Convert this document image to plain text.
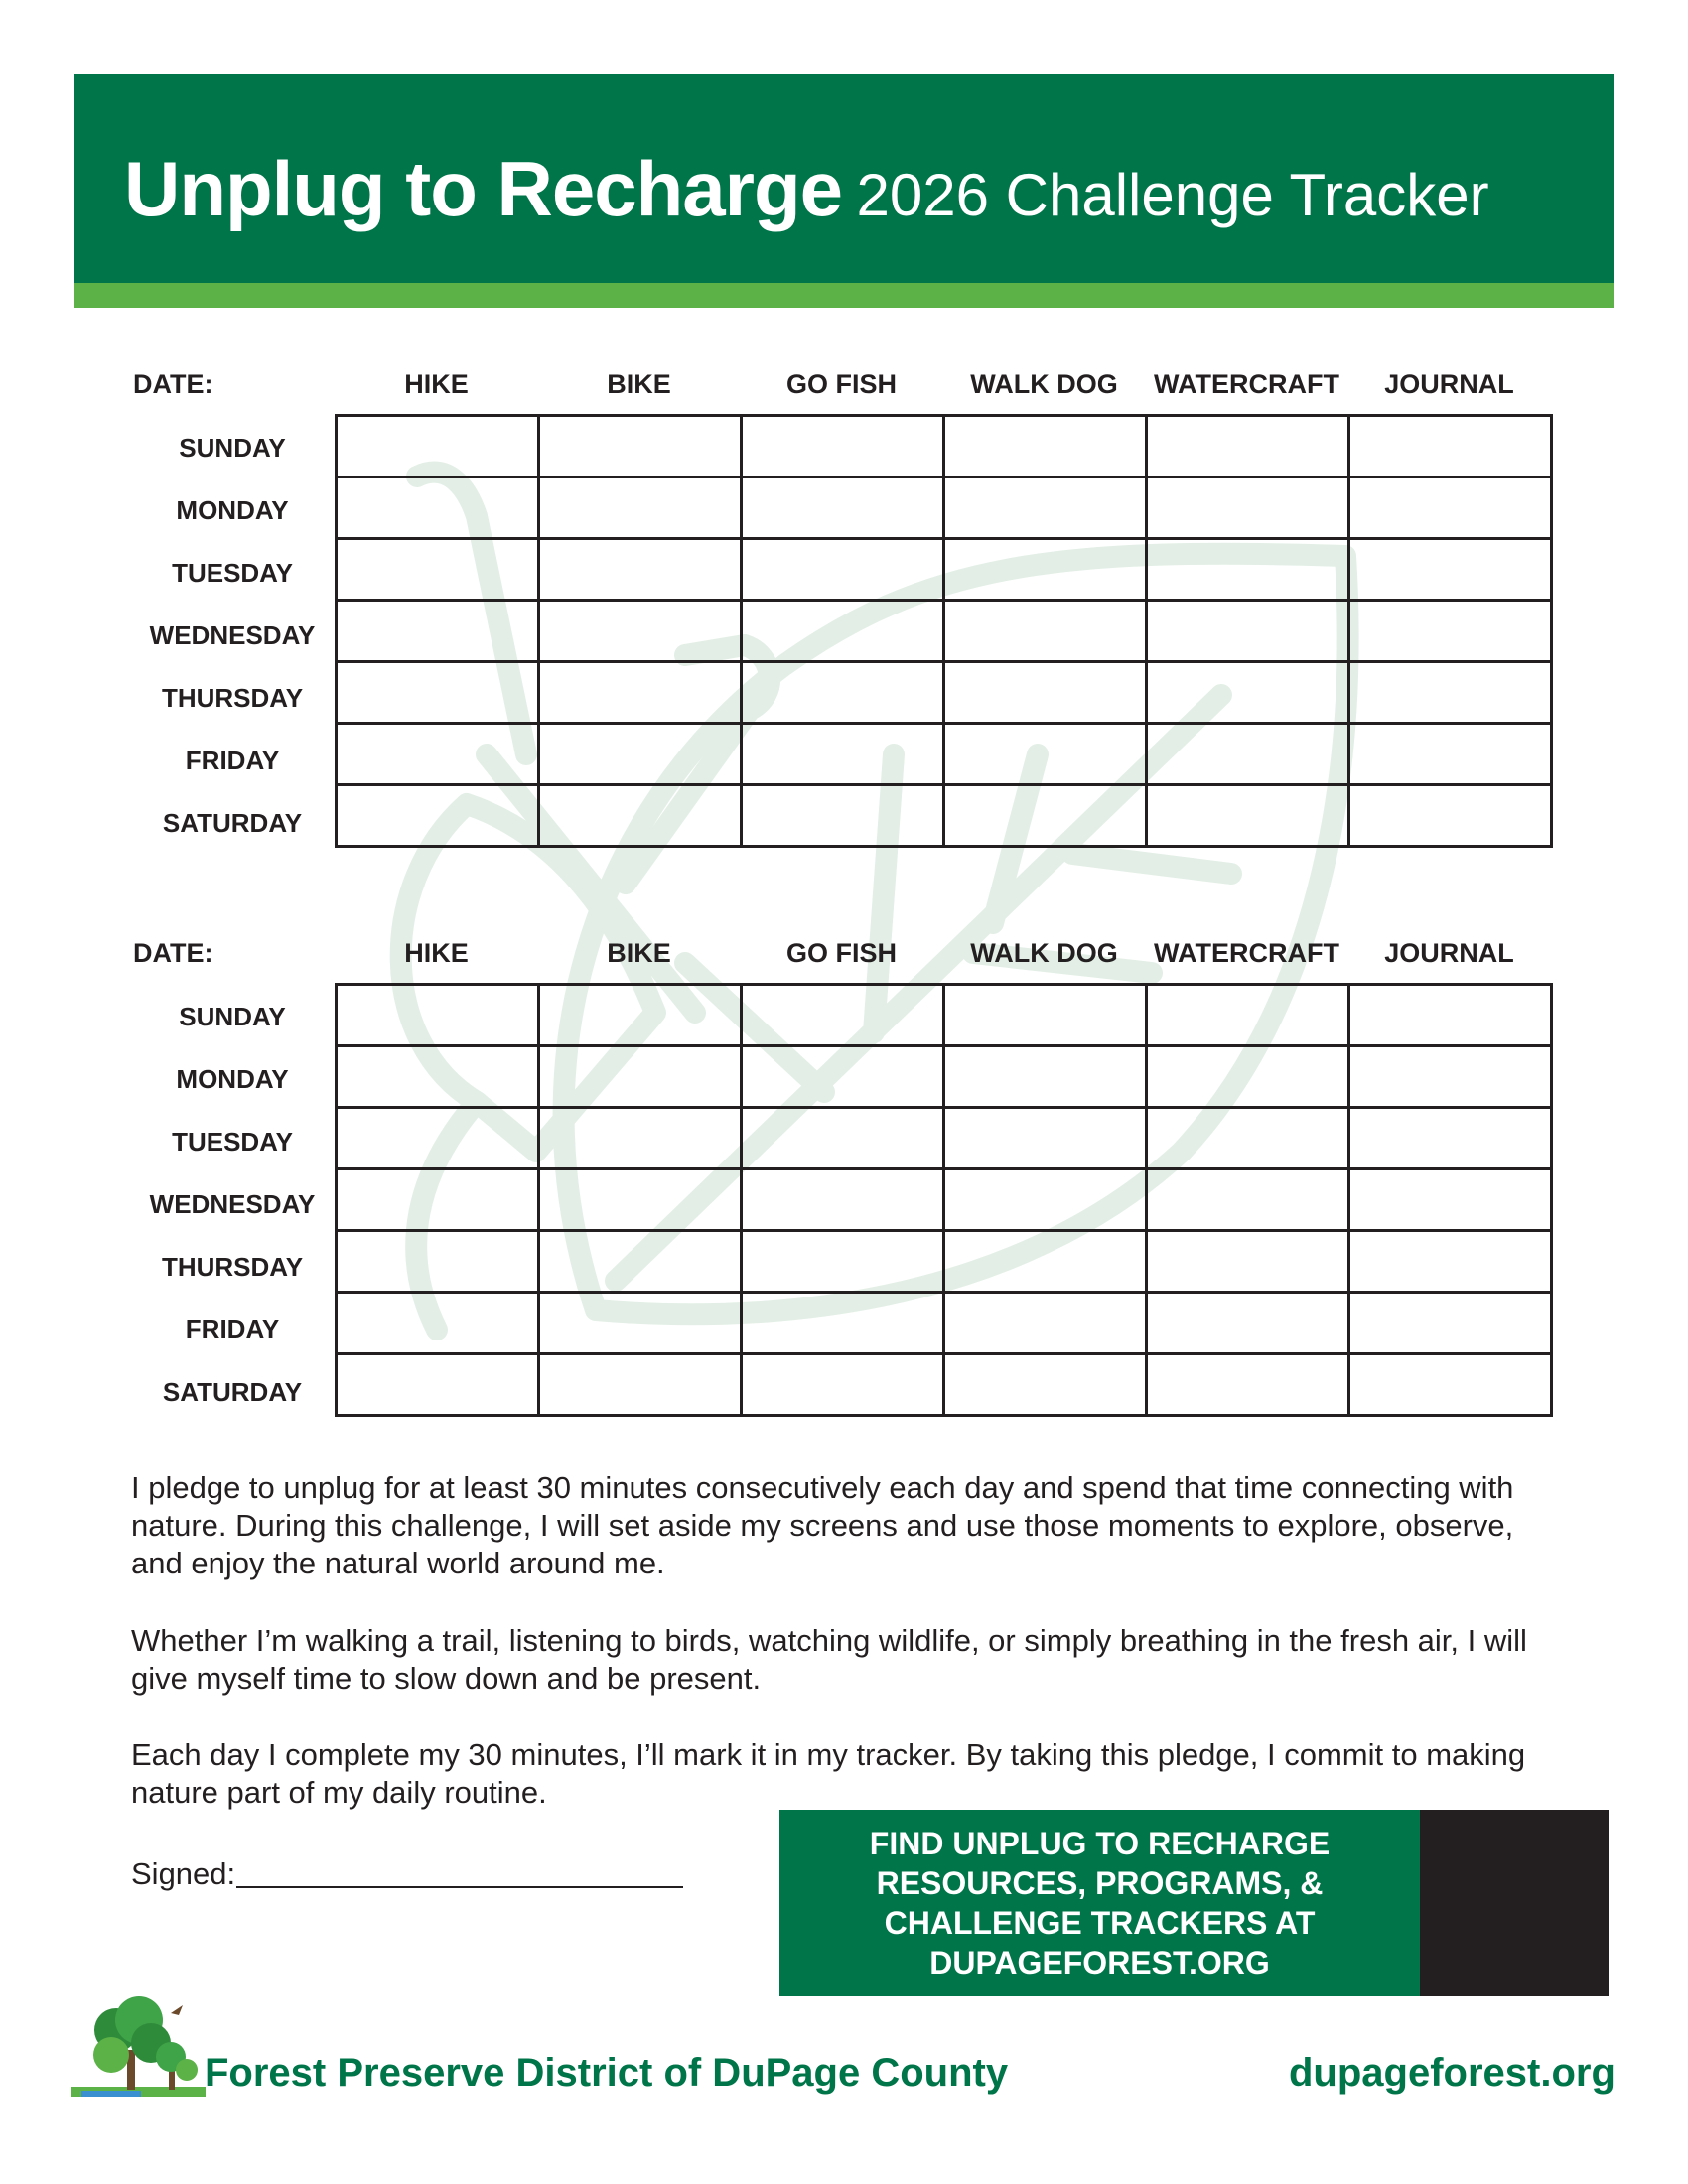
Unplug to Recharge 2026 Challenge Tracker
DATE:	HIKE	BIKE	GO FISH	WALK DOG	WATERCRAFT	JOURNAL
SUNDAY
MONDAY
TUESDAY
WEDNESDAY
THURSDAY
FRIDAY
SATURDAY

DATE:	HIKE	BIKE	GO FISH	WALK DOG	WATERCRAFT	JOURNAL
SUNDAY
MONDAY
TUESDAY
WEDNESDAY
THURSDAY
FRIDAY
SATURDAY

I pledge to unplug for at least 30 minutes consecutively each day and spend that time connecting with nature. During this challenge, I will set aside my screens and use those moments to explore, observe, and enjoy the natural world around me.

Whether I’m walking a trail, listening to birds, watching wildlife, or simply breathing in the fresh air, I will give myself time to slow down and be present.

Each day I complete my 30 minutes, I’ll mark it in my tracker. By taking this pledge, I commit to making nature part of my daily routine.

Signed:
FIND UNPLUG TO RECHARGE
RESOURCES, PROGRAMS, &
CHALLENGE TRACKERS AT
DUPAGEFOREST.ORG
Forest Preserve District of DuPage County	dupageforest.org
